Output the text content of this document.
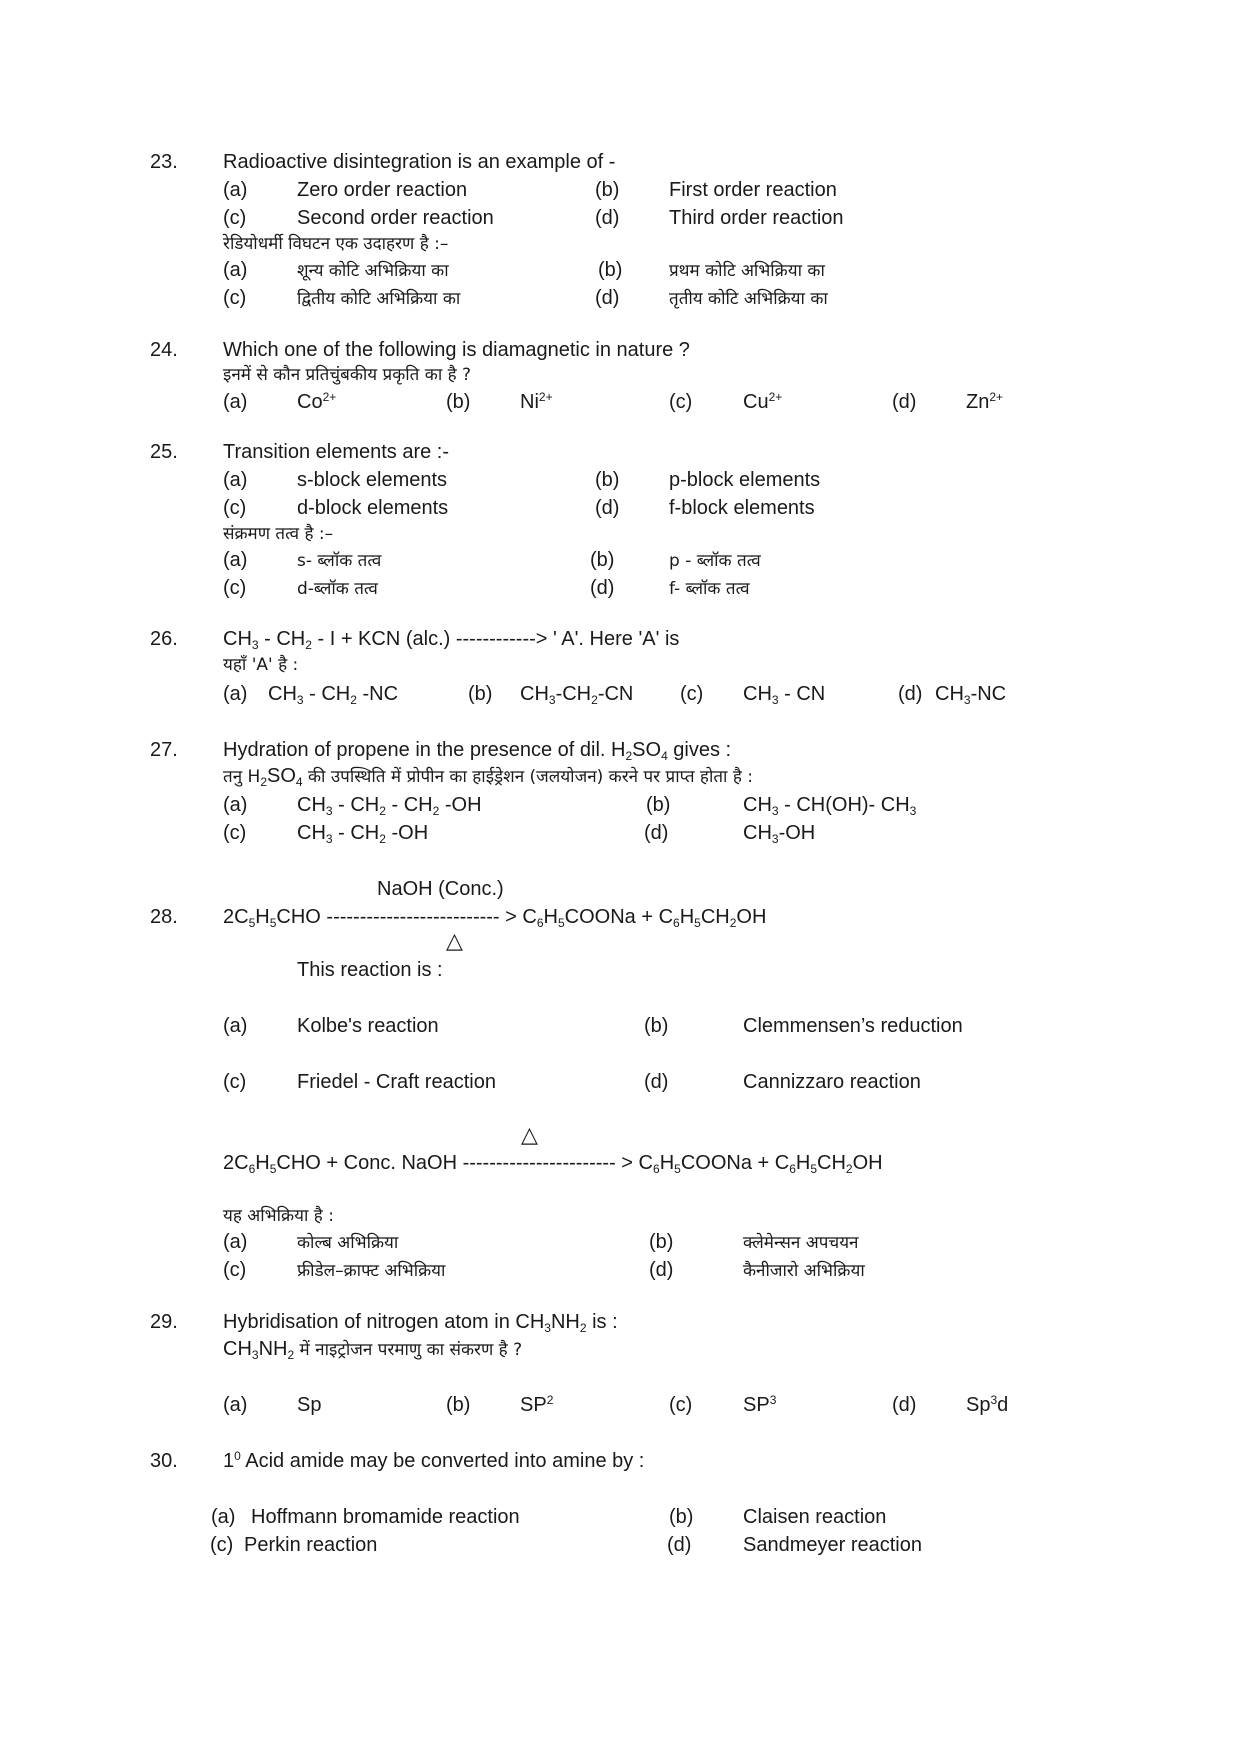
23. Radioactive disintegration is an example of -
(a) Zero order reaction	(b) First order reaction
(c)	Second order reaction	(d) Third order reaction
रेडियोधर्मी विघटन एक उदाहरण है :–
(a)	शून्य कोटि अभिक्रिया का	(b)	प्रथम कोटि अभिक्रिया का
(c)	द्वितीय कोटि अभिक्रिया का	(d)	तृतीय कोटि अभिक्रिया का
24. Which one of the following is diamagnetic in nature ?
इनमें से कौन प्रतिचुंबकीय प्रकृति का है ?
(a) $Co^{2+}$	(b) $Ni^{2+}$	(c)	$Cu^{2+}$	(d) $Zn^{2+}$
25. Transition elements are :-
(a) s-block elements	(b) p-block elements
(c)	d-block elements	(d) f-block elements
संक्रमण तत्व है :–
(a)	s- ब्लॉक तत्व	(b)	p - ब्लॉक तत्व
(c)	d-ब्लॉक तत्व	(d)	f- ब्लॉक तत्व
26. $CH_3 - CH_2$ - I + KCN (alc.) ------------> ' A'. Here 'A' is
यहाँ 'A' है :
(a) $CH_3 - CH_2$ -NC	(b) $CH_3-CH_2-CN$ (c) $CH_3$ - CN	(d) $CH_3-NC$
27. Hydration of propene in the presence of dil. $H_2SO_4$ gives :
तनु $H_2SO_4$ की उपस्थिति में प्रोपीन का हाईड्रेशन (जलयोजन) करने पर प्राप्त होता है :
(a) $CH_3 - CH_2 - CH_2$ -OH	(b)	$CH_3 - CH(OH)-$ $CH_3$
(c)	$CH_3 - CH_2$ -OH	(d)	$CH_3-OH$
NaOH (Conc.)
28. $2C_5H_5CHO$ -------------------------- > $C_6H_5COONa + C_6H_5CH_2OH$
△
This reaction is :
(a) Kolbe's reaction	(b)	Clemmensen’s reduction
(c)	Friedel - Craft reaction	(d)	Cannizzaro reaction
△
$2C_6H_5CHO$ + Conc. NaOH ----------------------- > $C_6H_5COONa + C_6H_5CH_2OH$
यह अभिक्रिया है :
(a)	कोल्ब अभिक्रिया	(b)	क्लेमेन्सन अपचयन
(c)	फ्रीडेल–क्राफ्ट अभिक्रिया	(d)	कैनीजारो अभिक्रिया
29. Hybridisation of nitrogen atom in $CH_3NH_2$ is :
$CH_3NH_2$ में नाइट्रोजन परमाणु का संकरण है ?
(a) Sp	(b) $SP^2$	(c)	$SP^3$	(d) Sp$^3$d
30. $1^0$ Acid amide may be converted into amine by :
(a) Hoffmann bromamide reaction	(b) Claisen reaction
(c) Perkin reaction	(d)	Sandmeyer reaction
